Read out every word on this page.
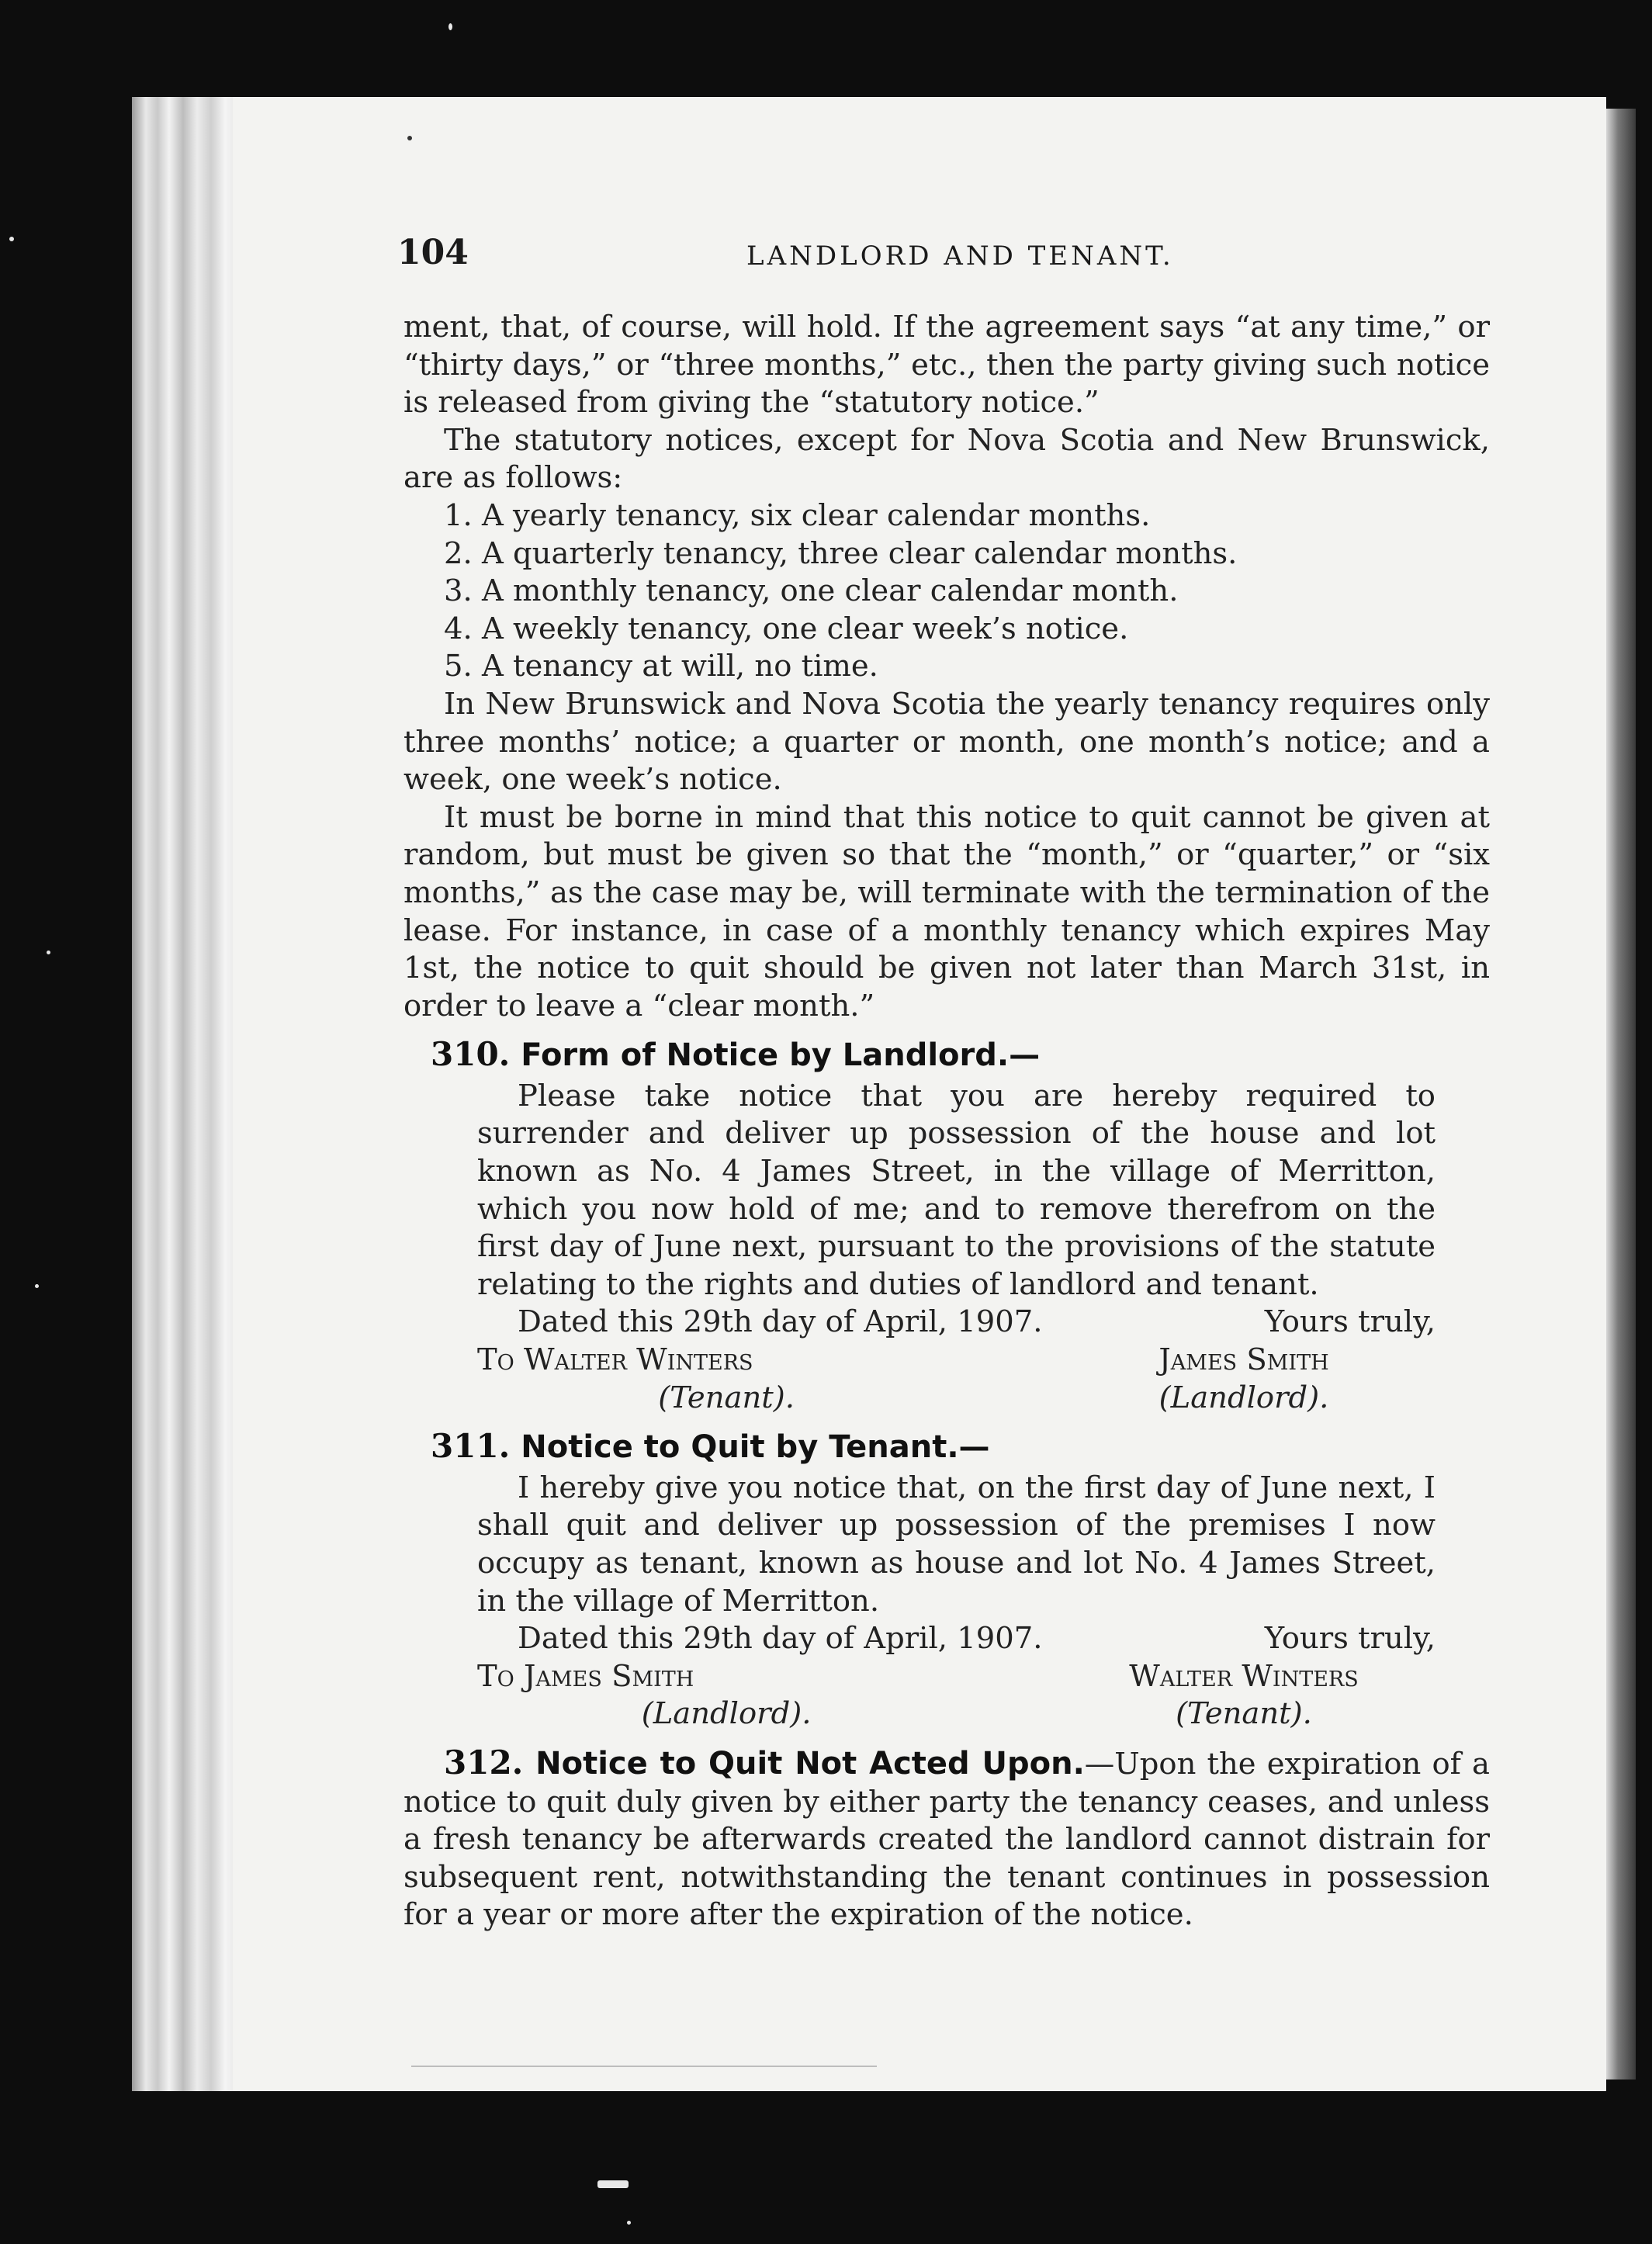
104	LANDLORD AND TENANT.

ment, that, of course, will hold. If the agreement says “at any time,” or “thirty days,” or “three months,” etc., then the party giving such notice is released from giving the “statutory notice.”

The statutory notices, except for Nova Scotia and New Brunswick, are as follows:

1. A yearly tenancy, six clear calendar months.

2. A quarterly tenancy, three clear calendar months.

3. A monthly tenancy, one clear calendar month.

4. A weekly tenancy, one clear week’s notice.

5. A tenancy at will, no time.

In New Brunswick and Nova Scotia the yearly tenancy requires only three months’ notice; a quarter or month, one month’s notice; and a week, one week’s notice.

It must be borne in mind that this notice to quit cannot be given at random, but must be given so that the “month,” or “quarter,” or “six months,” as the case may be, will terminate with the termination of the lease. For instance, in case of a monthly tenancy which expires May 1st, the notice to quit should be given not later than March 31st, in order to leave a “clear month.”

310. Form of Notice by Landlord.—

Please take notice that you are hereby required to surrender and deliver up possession of the house and lot known as No. 4 James Street, in the village of Merritton, which you now hold of me; and to remove therefrom on the first day of June next, pursuant to the provisions of the statute relating to the rights and duties of landlord and tenant.

Dated this 29th day of April, 1907.	Yours truly,
To Walter Winters	James Smith
(Tenant).	(Landlord).
311. Notice to Quit by Tenant.—

I hereby give you notice that, on the first day of June next, I shall quit and deliver up possession of the premises I now occupy as tenant, known as house and lot No. 4 James Street, in the village of Merritton.

Dated this 29th day of April, 1907.	Yours truly,
To James Smith	Walter Winters
(Landlord).	(Tenant).

312. Notice to Quit Not Acted Upon.—Upon the expiration of a notice to quit duly given by either party the tenancy ceases, and unless a fresh tenancy be afterwards created the landlord cannot distrain for subsequent rent, notwithstanding the tenant continues in possession for a year or more after the expiration of the notice.
